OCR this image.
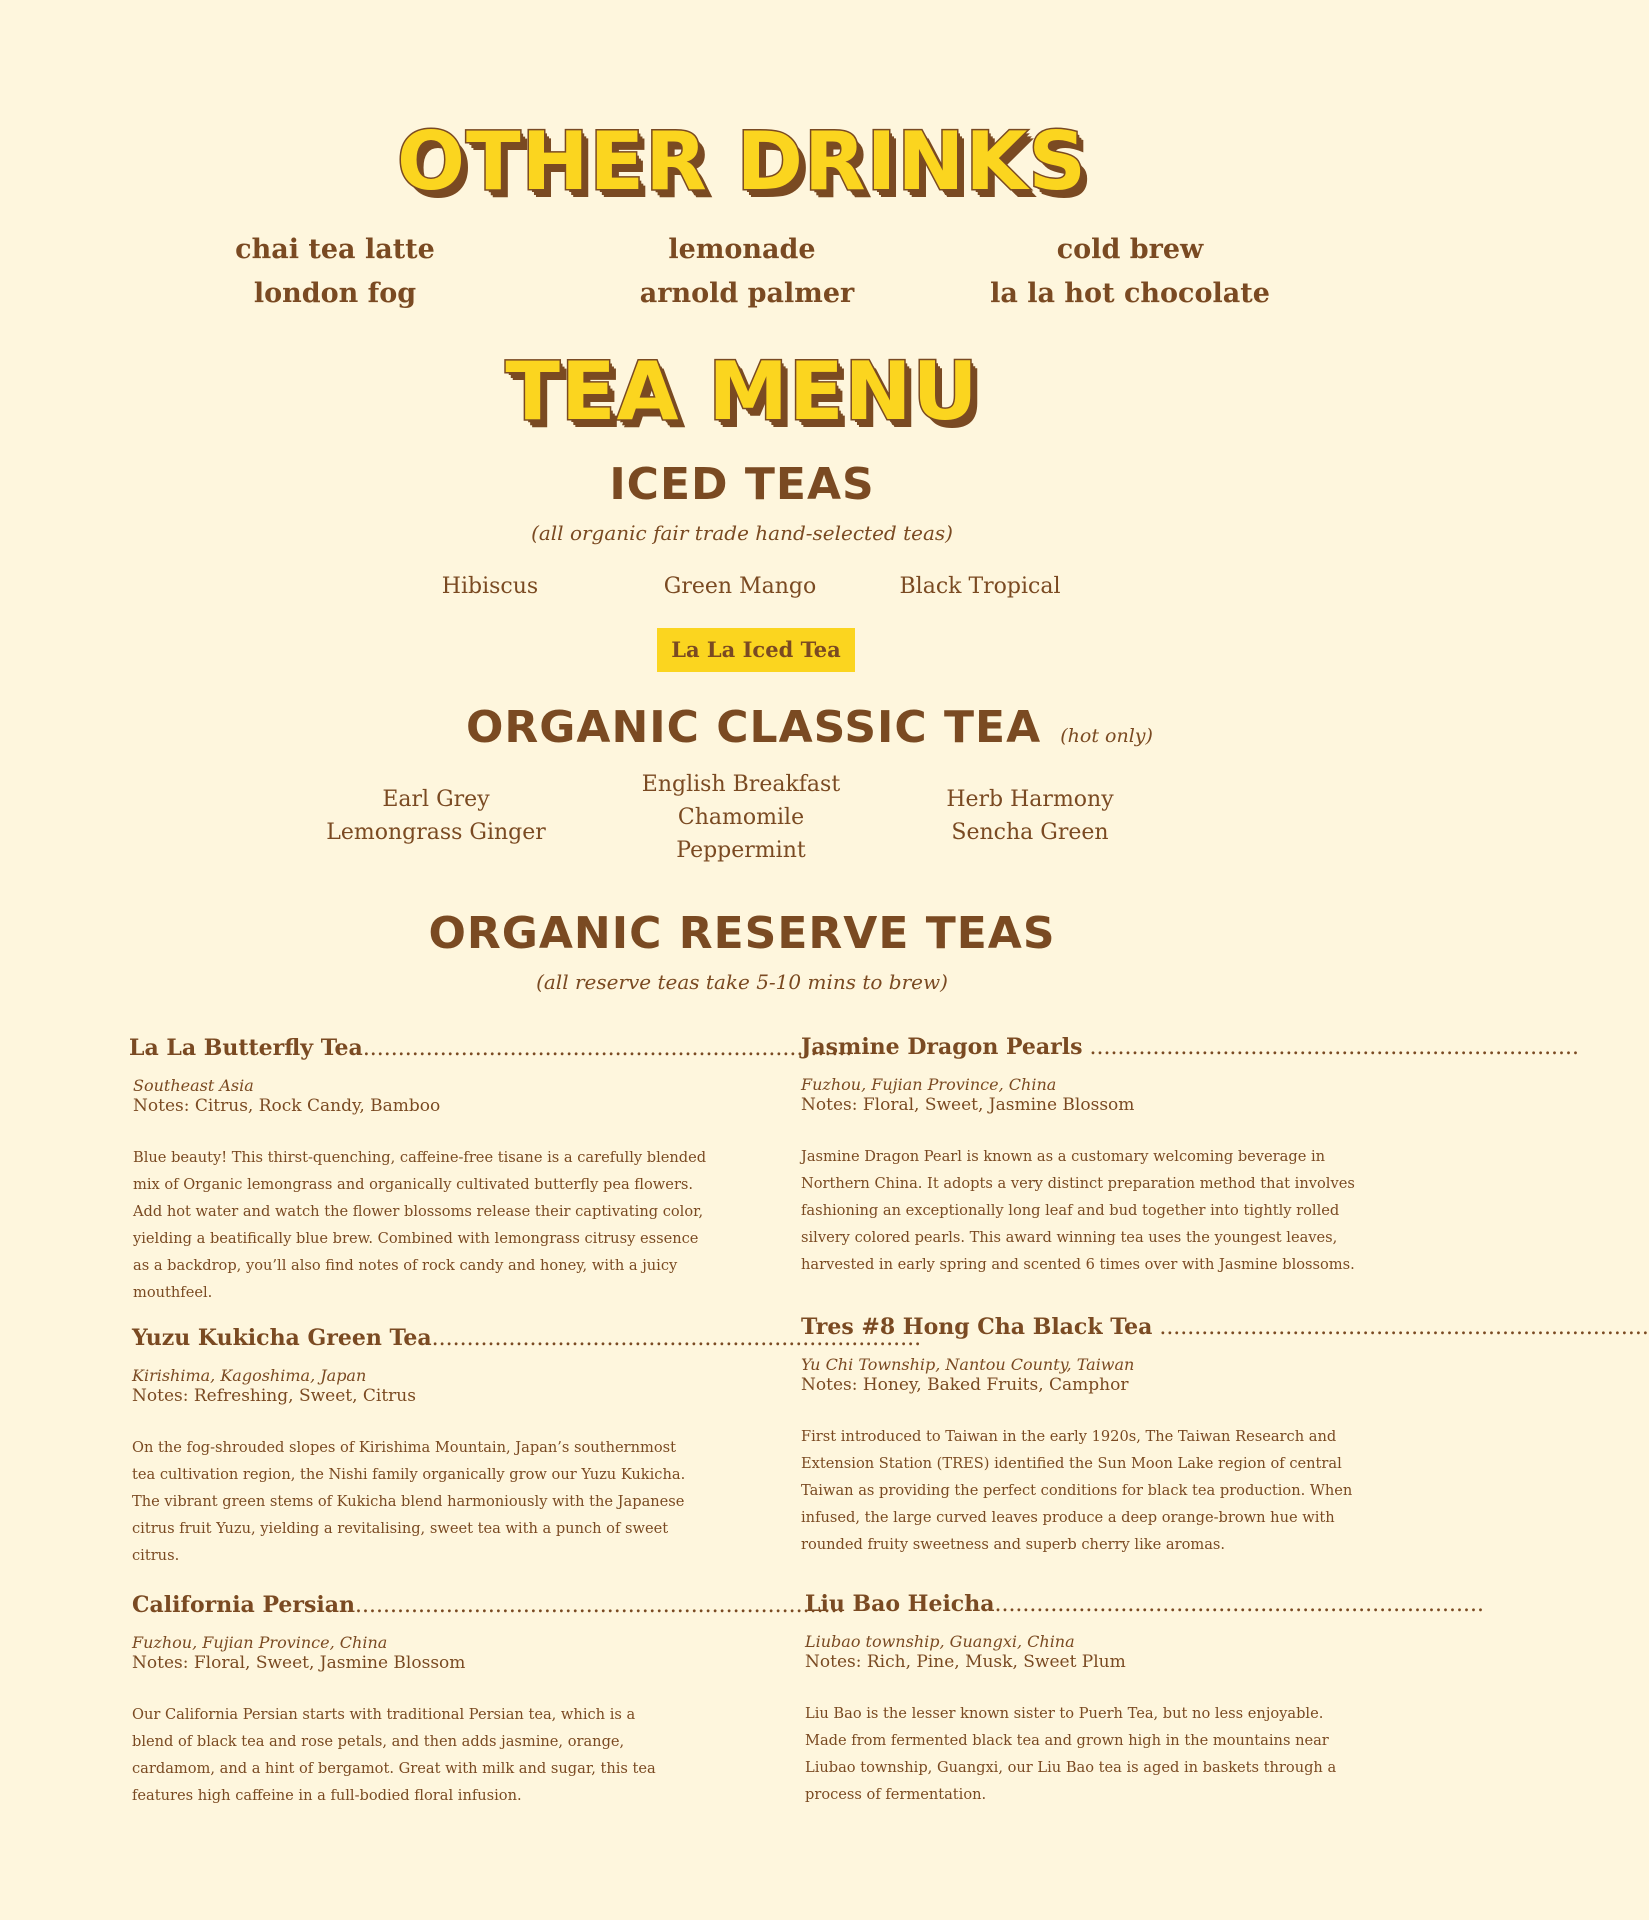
OTHER DRINKS
chai tea latte	lemonade	cold brew
london fog	arnold palmer	la la hot chocolate
TEA MENU
ICED TEAS
(all organic fair trade hand-selected teas)
Hibiscus	Green Mango	Black Tropical
La La Iced Tea
ORGANIC CLASSIC TEA (hot only)
Earl Grey
Lemongrass Ginger
English Breakfast
Chamomile
Peppermint
Herb Harmony
Sencha Green
ORGANIC RESERVE TEAS
(all reserve teas take 5-10 mins to brew)
La La Butterfly Tea......................................................................
Southeast Asia
Notes: Citrus, Rock Candy, Bamboo
Blue beauty! This thirst-quenching, caffeine-free tisane is a carefully blended mix of Organic lemongrass and organically cultivated butterfly pea flowers. Add hot water and watch the flower blossoms release their captivating color, yielding a beatifically blue brew. Combined with lemongrass citrusy essence as a backdrop, you’ll also find notes of rock candy and honey, with a juicy mouthfeel.
Yuzu Kukicha Green Tea......................................................................
Kirishima, Kagoshima, Japan
Notes: Refreshing, Sweet, Citrus
On the fog-shrouded slopes of Kirishima Mountain, Japan’s southernmost tea cultivation region, the Nishi family organically grow our Yuzu Kukicha. The vibrant green stems of Kukicha blend harmoniously with the Japanese citrus fruit Yuzu, yielding a revitalising, sweet tea with a punch of sweet citrus.
California Persian......................................................................
Fuzhou, Fujian Province, China
Notes: Floral, Sweet, Jasmine Blossom
Our California Persian starts with traditional Persian tea, which is a blend of black tea and rose petals, and then adds jasmine, orange, cardamom, and a hint of bergamot. Great with milk and sugar, this tea features high caffeine in a full-bodied floral infusion.
Jasmine Dragon Pearls ......................................................................
Fuzhou, Fujian Province, China
Notes: Floral, Sweet, Jasmine Blossom
Jasmine Dragon Pearl is known as a customary welcoming beverage in Northern China. It adopts a very distinct preparation method that involves fashioning an exceptionally long leaf and bud together into tightly rolled silvery colored pearls. This award winning tea uses the youngest leaves, harvested in early spring and scented 6 times over with Jasmine blossoms.
Tres #8 Hong Cha Black Tea ......................................................................
Yu Chi Township, Nantou County, Taiwan
Notes: Honey, Baked Fruits, Camphor
First introduced to Taiwan in the early 1920s, The Taiwan Research and Extension Station (TRES) identified the Sun Moon Lake region of central Taiwan as providing the perfect conditions for black tea production. When infused, the large curved leaves produce a deep orange-brown hue with rounded fruity sweetness and superb cherry like aromas.
Liu Bao Heicha......................................................................
Liubao township, Guangxi, China
Notes: Rich, Pine, Musk, Sweet Plum
Liu Bao is the lesser known sister to Puerh Tea, but no less enjoyable. Made from fermented black tea and grown high in the mountains near Liubao township, Guangxi, our Liu Bao tea is aged in baskets through a process of fermentation.
